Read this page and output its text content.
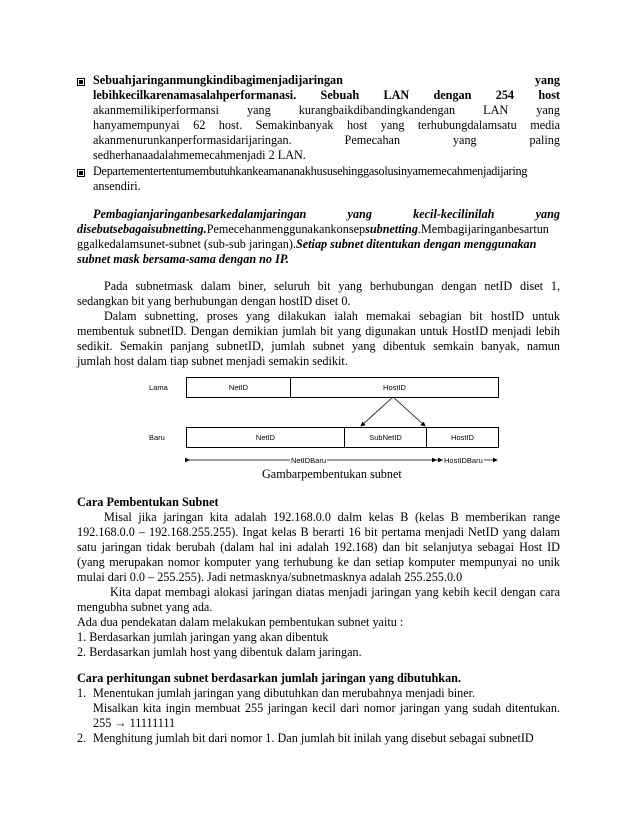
Sebuahjaringanmungkindibagimenjadijaringan yang
lebihkecilkarenamasalahperformanasi. Sebuah LAN dengan 254 host
akanmemilikiperformansi yang kurangbaikdibandingkandengan LAN yang
hanyamempunyai 62 host. Semakinbanyak host yang terhubungdalamsatu media
akanmenurunkanperformasidarijaringan. Pemecahan yang paling
sedherhanaadalahmemecahmenjadi 2 LAN.
Departementertentumembutuhkankeamananakhususehinggasolusinyamemecahmenjadijaring
ansendiri.
Pembagianjaringanbesarkedalamjaringan yang kecil-kecilinilah yang
disebutsebagaisubnetting.Pemecehanmenggunakankonsepsubnetting.Membagijaringanbesartun
ggalkedalamsunet-subnet (sub-sub jaringan).Setiap subnet ditentukan dengan menggunakan
subnet mask bersama-sama dengan no IP.
Pada subnetmask dalam biner, seluruh bit yang berhubungan dengan netID diset 1,
sedangkan bit yang berhubungan dengan hostID diset 0.
Dalam subnetting, proses yang dilakukan ialah memakai sebagian bit hostID untuk
membentuk subnetID. Dengan demikian jumlah bit yang digunakan untuk HostID menjadi lebih
sedikit. Semakin panjang subnetID, jumlah subnet yang dibentuk semkain banyak, namun
jumlah host dalam tiap subnet menjadi semakin sedikit.
Lama	NetID	HostID
Baru	NetID	SubNetID	HostID
NetIDBaru	HostIDBaru
Gambarpembentukan subnet
Cara Pembentukan Subnet
Misal jika jaringan kita adalah 192.168.0.0 dalm kelas B (kelas B memberikan range
192.168.0.0 – 192.168.255.255). Ingat kelas B berarti 16 bit pertama menjadi NetID yang dalam
satu jaringan tidak berubah (dalam hal ini adalah 192.168) dan bit selanjutya sebagai Host ID
(yang merupakan nomor komputer yang terhubung ke dan setiap komputer mempunyai no unik
mulai dari 0.0 – 255.255). Jadi netmasknya/subnetmasknya adalah 255.255.0.0
Kita dapat membagi alokasi jaringan diatas menjadi jaringan yang kebih kecil dengan cara
mengubha subnet yang ada.
Ada dua pendekatan dalam melakukan pembentukan subnet yaitu :
1. Berdasarkan jumlah jaringan yang akan dibentuk
2. Berdasarkan jumlah host yang dibentuk dalam jaringan.
Cara perhitungan subnet berdasarkan jumlah jaringan yang dibutuhkan.
1. Menentukan jumlah jaringan yang dibutuhkan dan merubahnya menjadi biner.
Misalkan kita ingin membuat 255 jaringan kecil dari nomor jaringan yang sudah ditentukan.
255 → 11111111
2. Menghitung jumlah bit dari nomor 1. Dan jumlah bit inilah yang disebut sebagai subnetID
